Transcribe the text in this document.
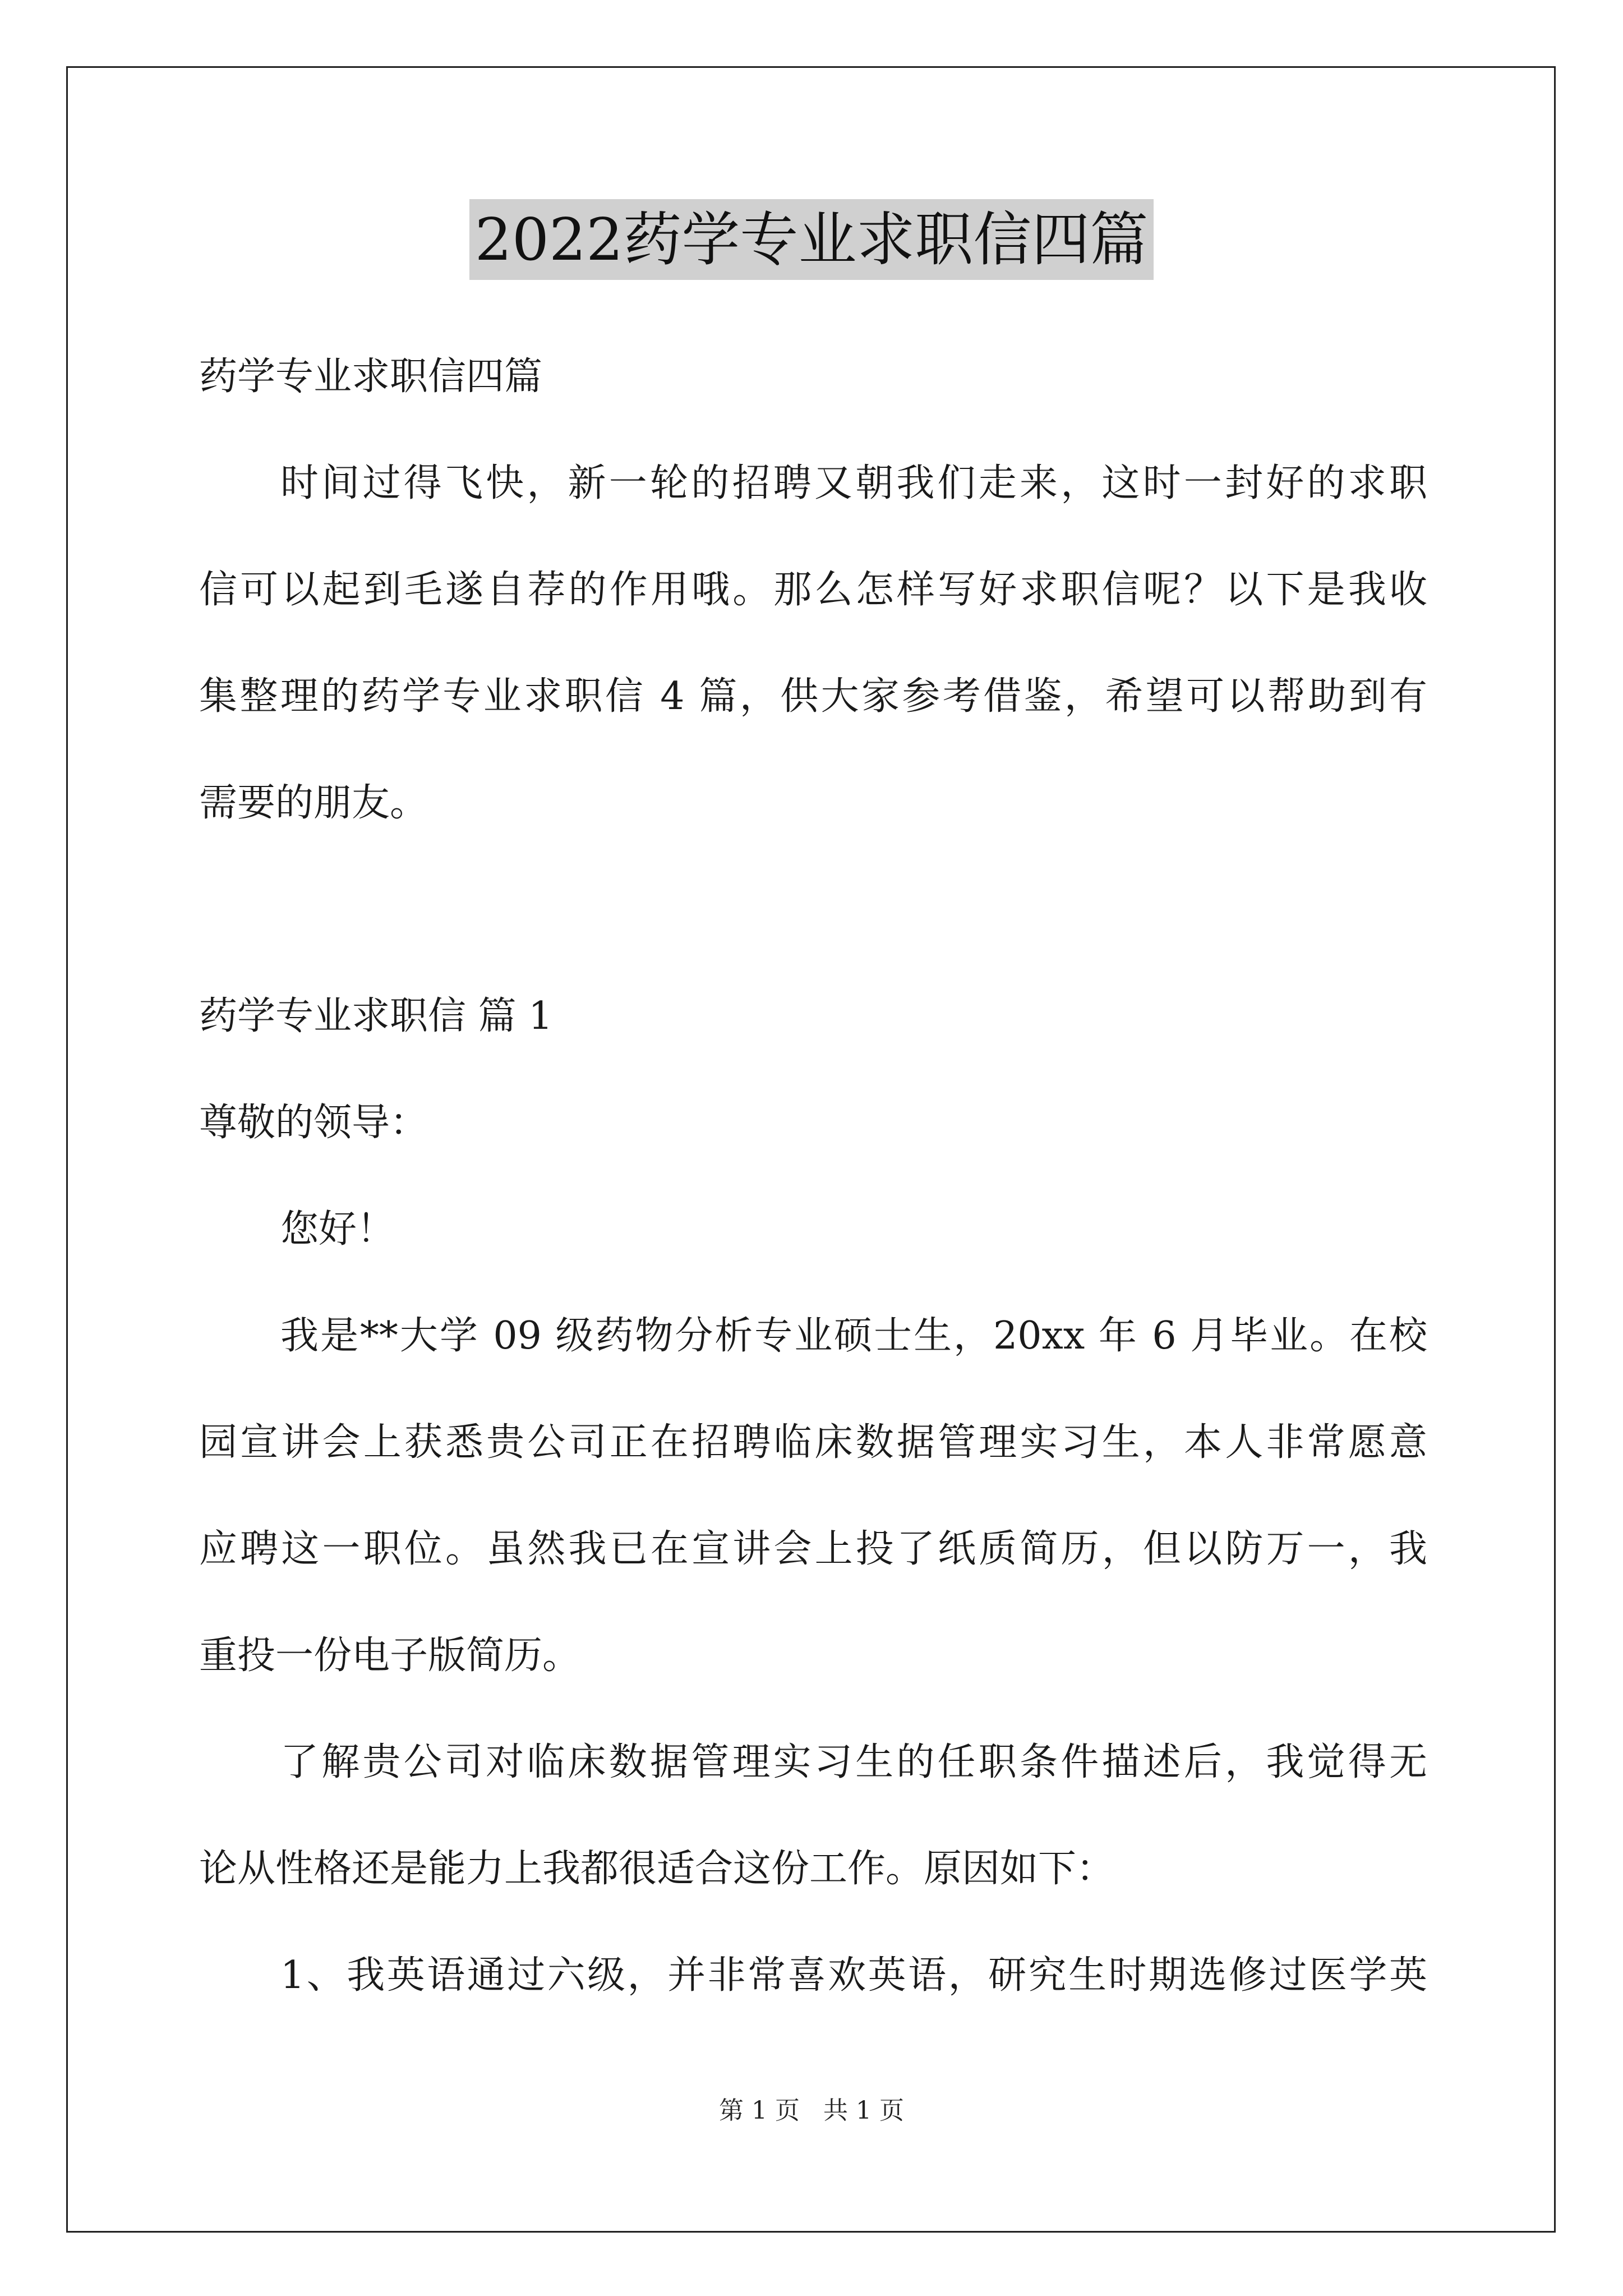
2022药学专业求职信四篇
药学专业求职信四篇
时间过得飞快，新一轮的招聘又朝我们走来，这时一封好的求职
信可以起到毛遂自荐的作用哦。那么怎样写好求职信呢？以下是我收
集整理的药学专业求职信 4 篇，供大家参考借鉴，希望可以帮助到有
需要的朋友。
药学专业求职信 篇 1
尊敬的领导：
您好！
我是**大学 09 级药物分析专业硕士生，20xx 年 6 月毕业。在校
园宣讲会上获悉贵公司正在招聘临床数据管理实习生，本人非常愿意
应聘这一职位。虽然我已在宣讲会上投了纸质简历，但以防万一，我
重投一份电子版简历。
了解贵公司对临床数据管理实习生的任职条件描述后，我觉得无
论从性格还是能力上我都很适合这份工作。原因如下：
1、我英语通过六级，并非常喜欢英语，研究生时期选修过医学英
第 1 页 共 1 页
